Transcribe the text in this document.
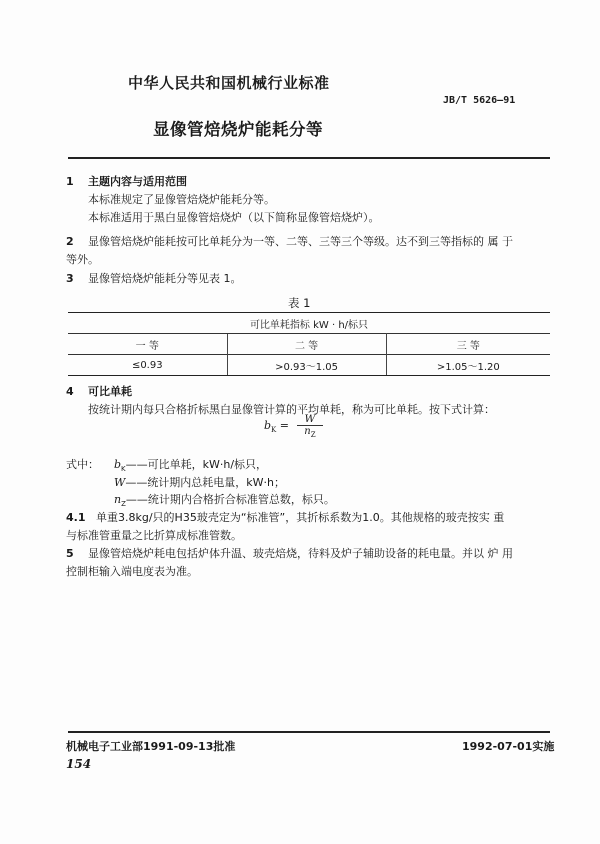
中华人民共和国机械行业标准
JB/T 5626—91
显像管焙烧炉能耗分等
1 主题内容与适用范围
本标准规定了显像管焙烧炉能耗分等。
本标准适用于黑白显像管焙烧炉（以下简称显像管焙烧炉）。
2 显像管焙烧炉能耗按可比单耗分为一等、二等、三等三个等级。达不到三等指标的 属 于
等外。
3 显像管焙烧炉能耗分等见表 1。
表 1
可比单耗指标 kW · h/标只		
一 等	二 等	三 等
≤0.93	>0.93～1.05	>1.05～1.20
4 可比单耗
按统计期内每只合格折标黑白显像管计算的平均单耗，称为可比单耗。按下式计算：
$b_K = \frac{W}{n_Z}$
式中： $b_K——$可比单耗，kW·h/标只，
W——统计期内总耗电量，kW·h；
$n_Z——$统计期内合格折合标准管总数，标只。
4.1 单重3.8kg/只的H35玻壳定为“标准管”，其折标系数为1.0。其他规格的玻壳按实 重
与标准管重量之比折算成标准管数。
5 显像管焙烧炉耗电包括炉体升温、玻壳焙烧，待料及炉子辅助设备的耗电量。并以 炉 用
控制柜输入端电度表为准。
机械电子工业部1991-09-13批准	1992-07-01实施
154
